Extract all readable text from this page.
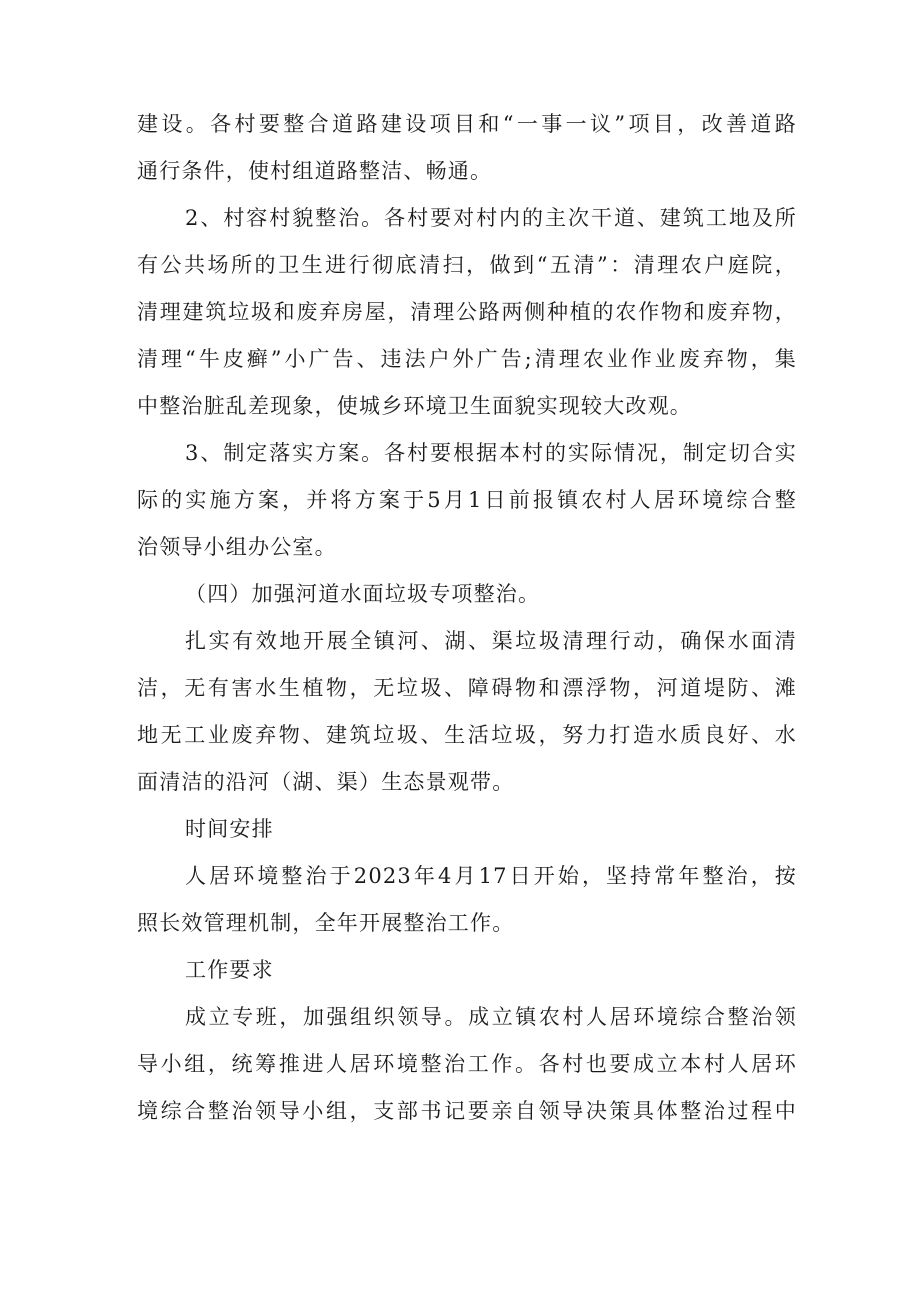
建设。各村要整合道路建设项目和“一事一议”项目，改善道路
通行条件，使村组道路整洁、畅通。
2、村容村貌整治。各村要对村内的主次干道、建筑工地及所
有公共场所的卫生进行彻底清扫，做到“五清”：清理农户庭院，
清理建筑垃圾和废弃房屋，清理公路两侧种植的农作物和废弃物，
清理“牛皮癣”小广告、违法户外广告;清理农业作业废弃物，集
中整治脏乱差现象，使城乡环境卫生面貌实现较大改观。
3、制定落实方案。各村要根据本村的实际情况，制定切合实
际的实施方案，并将方案于5月1日前报镇农村人居环境综合整
治领导小组办公室。
（四）加强河道水面垃圾专项整治。
扎实有效地开展全镇河、湖、渠垃圾清理行动，确保水面清
洁，无有害水生植物，无垃圾、障碍物和漂浮物，河道堤防、滩
地无工业废弃物、建筑垃圾、生活垃圾，努力打造水质良好、水
面清洁的沿河（湖、渠）生态景观带。
时间安排
人居环境整治于2023年4月17日开始，坚持常年整治，按
照长效管理机制，全年开展整治工作。
工作要求
成立专班，加强组织领导。成立镇农村人居环境综合整治领
导小组，统筹推进人居环境整治工作。各村也要成立本村人居环
境综合整治领导小组，支部书记要亲自领导决策具体整治过程中
